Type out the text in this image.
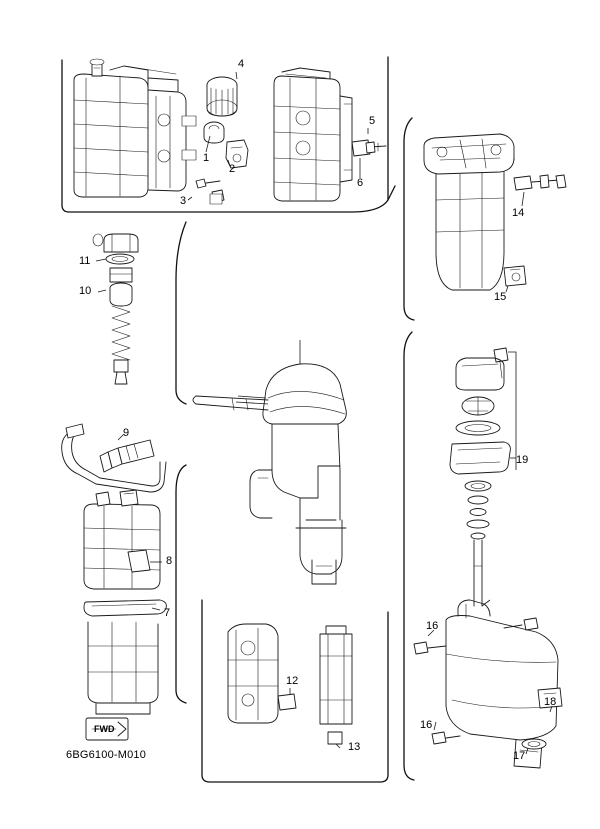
1
2
3
4
5
6
7
8
9
10
11
12
13
14
15
16
16
17
18
19
FWD
6BG6100-M010
